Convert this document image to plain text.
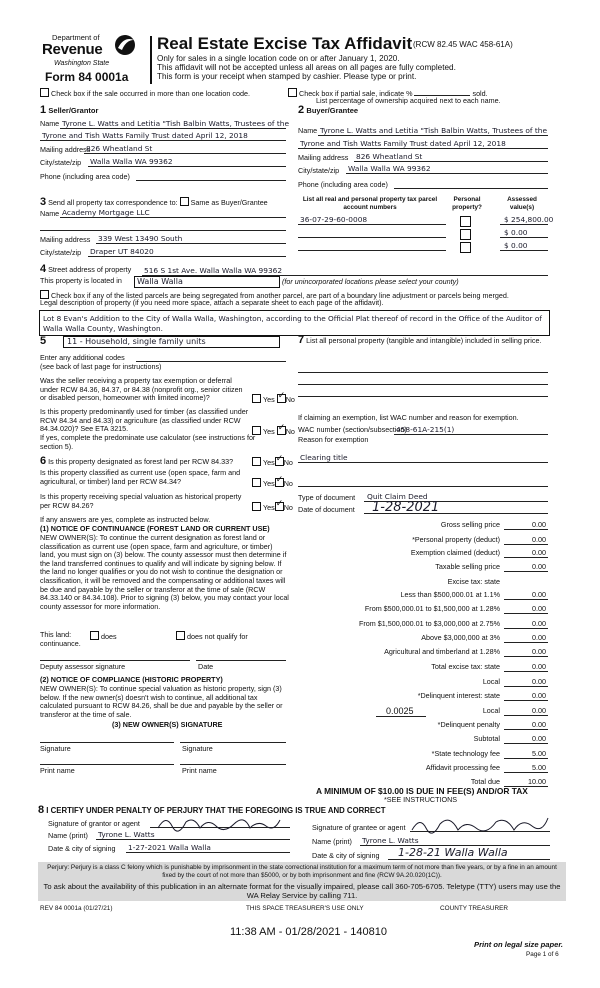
Department of
Revenue
Washington State
Form 84 0001a
Real Estate Excise Tax Affidavit (RCW 82.45 WAC 458-61A)
Only for sales in a single location code on or after January 1, 2020.
This affidavit will not be accepted unless all areas on all pages are fully completed.
This form is your receipt when stamped by cashier. Please type or print.
Check box if the sale occurred in more than one location code.	Check box if partial sale, indicate %	sold.
List percentage of ownership acquired next to each name.
1 Seller/Grantor
Name Tyrone L. Watts and Letitia "Tish Balbin Watts, Trustees of the
Tyrone and Tish Watts Family Trust dated April 12, 2018
Mailing address
826 Wheatland St
City/state/zip Walla Walla WA 99362
Phone (including area code)
2 Buyer/Grantee
Name Tyrone L. Watts and Letitia "Tish Balbin Watts, Trustees of the
Tyrone and Tish Watts Family Trust dated April 12, 2018
Mailing address 826 Wheatland St
City/state/zip Walla Walla WA 99362
Phone (including area code)
3 Send all property tax correspondence to: Same as Buyer/Grantee
Name Academy Mortgage LLC
Mailing address 339 West 13490 South
City/state/zip Draper UT 84020
List all real and personal property tax parcel account numbers
Personal property?
Assessed value(s)
36-07-29-60-0008	$ 254,800.00
$ 0.00
$ 0.00
4 Street address of property 516 S 1st Ave. Walla Walla WA 99362
This property is located in	Walla Walla	(for unincorporated locations please select your county)
Check box if any of the listed parcels are being segregated from another parcel, are part of a boundary line adjustment or parcels being merged.
Legal description of property (if you need more space, attach a separate sheet to each page of the affidavit).
Lot 8 Evan's Addition to the City of Walla Walla, Washington, according to the Official Plat thereof of record in the Office of the Auditor of Walla Walla County, Washington.
5	11 - Household, single family units
Enter any additional codes
(see back of last page for instructions)
Was the seller receiving a property tax exemption or deferral under RCW 84.36, 84.37, or 84.38 (nonprofit org., senior citizen or disabled person, homeowner with limited income)?	Yes ✓ No
Is this property predominantly used for timber (as classified under RCW 84.34 and 84.33) or agriculture (as classified under RCW 84.34.020)? See ETA 3215.	Yes ✓ No
If yes, complete the predominate use calculator (see instructions for section 5).
6 Is this property designated as forest land per RCW 84.33?	Yes ✓ No
Is this property classified as current use (open space, farm and agricultural, or timber) land per RCW 84.34?	Yes ✓ No
Is this property receiving special valuation as historical property per RCW 84.26?	Yes ✓ No
If any answers are yes, complete as instructed below.
(1) NOTICE OF CONTINUANCE (FOREST LAND OR CURRENT USE)
NEW OWNER(S): To continue the current designation as forest land or classification as current use (open space, farm and agriculture, or timber) land, you must sign on (3) below. The county assessor must then determine if the land transferred continues to qualify and will indicate by signing below. If the land no longer qualifies or you do not wish to continue the designation or classification, it will be removed and the compensating or additional taxes will be due and payable by the seller or transferor at the time of sale (RCW 84.33.140 or 84.34.108). Prior to signing (3) below, you may contact your local county assessor for more information.
This land:	does	does not qualify for
continuance.
Deputy assessor signature	Date
(2) NOTICE OF COMPLIANCE (HISTORIC PROPERTY)
NEW OWNER(S): To continue special valuation as historic property, sign (3) below. If the new owner(s) doesn't wish to continue, all additional tax calculated pursuant to RCW 84.26, shall be due and payable by the seller or transferor at the time of sale.
(3) NEW OWNER(S) SIGNATURE
Signature	Signature
Print name	Print name
7 List all personal property (tangible and intangible) included in selling price.
If claiming an exemption, list WAC number and reason for exemption.
WAC number (section/subsection)
458-61A-215(1)
Reason for exemption
Clearing title
Type of document Quit Claim Deed
Date of document 1-28-2021
Gross selling price	0.00
*Personal property (deduct)	0.00
Exemption claimed (deduct)	0.00
Taxable selling price	0.00
Excise tax: state
Less than $500,000.01 at 1.1%	0.00
From $500,000.01 to $1,500,000 at 1.28%	0.00
From $1,500,000.01 to $3,000,000 at 2.75%	0.00
Above $3,000,000 at 3%	0.00
Agricultural and timberland at 1.28%	0.00
Total excise tax: state	0.00
Local	0.00
*Delinquent interest: state	0.00
Local	0.00
*Delinquent penalty	0.00
Subtotal	0.00
*State technology fee	5.00
Affidavit processing fee	5.00
Total due	10.00
0.0025
A MINIMUM OF $10.00 IS DUE IN FEE(S) AND/OR TAX
*SEE INSTRUCTIONS
8 I CERTIFY UNDER PENALTY OF PERJURY THAT THE FOREGOING IS TRUE AND CORRECT
Signature of grantor or agent
Name (print) Tyrone L. Watts
Date & city of signing 1-27-2021 Walla Walla
Signature of grantee or agent
Name (print) Tyrone L. Watts
Date & city of signing 1-28-21 Walla Walla
Perjury: Perjury is a class C felony which is punishable by imprisonment in the state correctional institution for a maximum term of not more than five years, or by a fine in an amount fixed by the court of not more than $5000, or by both imprisonment and fine (RCW 9A.20.020(1C)).
To ask about the availability of this publication in an alternate format for the visually impaired, please call 360-705-6705. Teletype (TTY) users may use the WA Relay Service by calling 711.
REV 84 0001a (01/27/21)	THIS SPACE TREASURER'S USE ONLY	COUNTY TREASURER
11:38 AM - 01/28/2021 - 140810
Print on legal size paper.
Page 1 of 6
